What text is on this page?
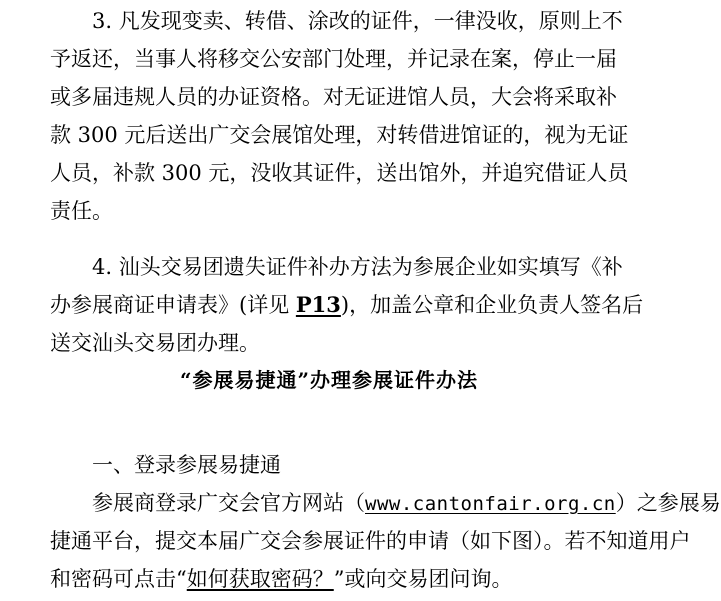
3. 凡发现变卖、转借、涂改的证件，一律没收，原则上不
予返还，当事人将移交公安部门处理，并记录在案，停止一届
或多届违规人员的办证资格。对无证进馆人员，大会将采取补
款 300 元后送出广交会展馆处理，对转借进馆证的，视为无证
人员，补款 300 元，没收其证件，送出馆外，并追究借证人员
责任。
4. 汕头交易团遗失证件补办方法为参展企业如实填写《补
办参展商证申请表》(详见 P13)，加盖公章和企业负责人签名后
送交汕头交易团办理。
“参展易捷通”办理参展证件办法
一、登录参展易捷通
参展商登录广交会官方网站（www.cantonfair.org.cn）之参展易
捷通平台，提交本届广交会参展证件的申请（如下图）。若不知道用户
和密码可点击“如何获取密码？”或向交易团问询。
